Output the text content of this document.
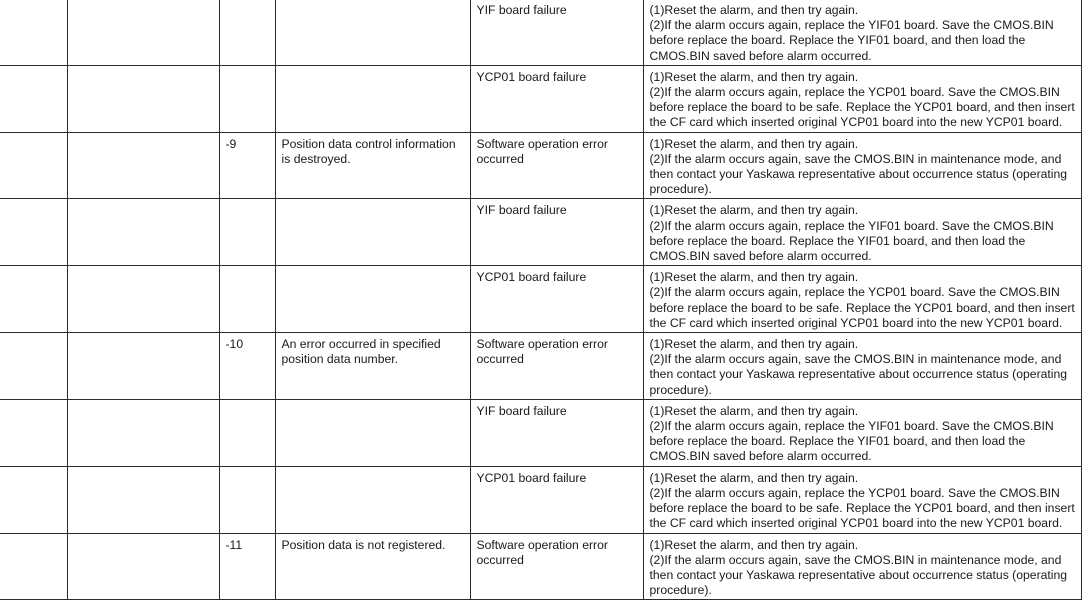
				YIF board failure	(1)Reset the alarm, and then try again.
(2)If the alarm occurs again, replace the YIF01 board. Save the CMOS.BIN before replace the board. Replace the YIF01 board, and then load the CMOS.BIN saved before alarm occurred.

				YCP01 board failure	(1)Reset the alarm, and then try again.
(2)If the alarm occurs again, replace the YCP01 board. Save the CMOS.BIN before replace the board to be safe. Replace the YCP01 board, and then insert the CF card which inserted original YCP01 board into the new YCP01 board.

		-9	Position data control information is destroyed.	Software operation error occurred	(1)Reset the alarm, and then try again.
(2)If the alarm occurs again, save the CMOS.BIN in maintenance mode, and then contact your Yaskawa representative about occurrence status (operating procedure).

				YIF board failure	(1)Reset the alarm, and then try again.
(2)If the alarm occurs again, replace the YIF01 board. Save the CMOS.BIN before replace the board. Replace the YIF01 board, and then load the CMOS.BIN saved before alarm occurred.

				YCP01 board failure	(1)Reset the alarm, and then try again.
(2)If the alarm occurs again, replace the YCP01 board. Save the CMOS.BIN before replace the board to be safe. Replace the YCP01 board, and then insert the CF card which inserted original YCP01 board into the new YCP01 board.

		-10	An error occurred in specified position data number.	Software operation error occurred	(1)Reset the alarm, and then try again.
(2)If the alarm occurs again, save the CMOS.BIN in maintenance mode, and then contact your Yaskawa representative about occurrence status (operating procedure).

				YIF board failure	(1)Reset the alarm, and then try again.
(2)If the alarm occurs again, replace the YIF01 board. Save the CMOS.BIN before replace the board. Replace the YIF01 board, and then load the CMOS.BIN saved before alarm occurred.

				YCP01 board failure	(1)Reset the alarm, and then try again.
(2)If the alarm occurs again, replace the YCP01 board. Save the CMOS.BIN before replace the board to be safe. Replace the YCP01 board, and then insert the CF card which inserted original YCP01 board into the new YCP01 board.

		-11	Position data is not registered.	Software operation error occurred	(1)Reset the alarm, and then try again.
(2)If the alarm occurs again, save the CMOS.BIN in maintenance mode, and then contact your Yaskawa representative about occurrence status (operating procedure).
